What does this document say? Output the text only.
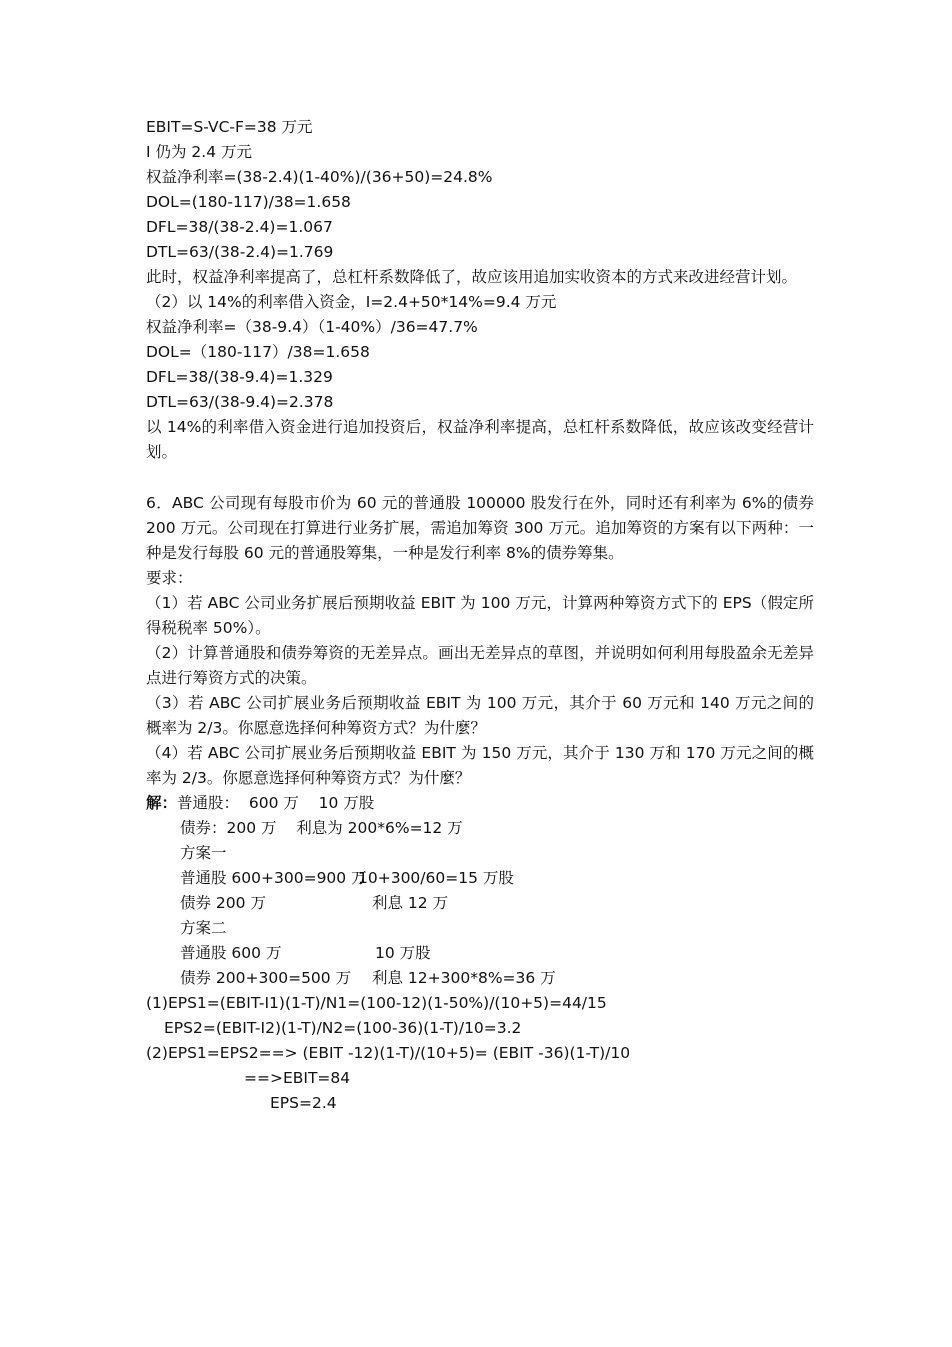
EBIT=S-VC-F=38 万元
I 仍为 2.4 万元
权益净利率=(38-2.4)(1-40%)/(36+50)=24.8%
DOL=(180-117)/38=1.658
DFL=38/(38-2.4)=1.067
DTL=63/(38-2.4)=1.769
此时，权益净利率提高了，总杠杆系数降低了，故应该用追加实收资本的方式来改进经营计划。
（2）以 14%的利率借入资金，I=2.4+50*14%=9.4 万元
权益净利率=（38-9.4）（1-40%）/36=47.7%
DOL=（180-117）/38=1.658
DFL=38/(38-9.4)=1.329
DTL=63/(38-9.4)=2.378
以 14%的利率借入资金进行追加投资后，权益净利率提高，总杠杆系数降低，故应该改变经营计划。
6．ABC 公司现有每股市价为 60 元的普通股 100000 股发行在外，同时还有利率为 6%的债券 200 万元。公司现在打算进行业务扩展，需追加筹资 300 万元。追加筹资的方案有以下两种：一种是发行每股 60 元的普通股筹集，一种是发行利率 8%的债券筹集。
要求：
（1）若 ABC 公司业务扩展后预期收益 EBIT 为 100 万元，计算两种筹资方式下的 EPS（假定所得税税率 50%）。
（2）计算普通股和债券筹资的无差异点。画出无差异点的草图，并说明如何利用每股盈余无差异点进行筹资方式的决策。
（3）若 ABC 公司扩展业务后预期收益 EBIT 为 100 万元，其介于 60 万元和 140 万元之间的概率为 2/3。你愿意选择何种筹资方式？为什麼？
（4）若 ABC 公司扩展业务后预期收益 EBIT 为 150 万元，其介于 130 万和 170 万元之间的概率为 2/3。你愿意选择何种筹资方式？为什麼？
解：普通股：  600 万    10 万股
债券：200 万    利息为 200*6%=12 万
方案一
普通股 600+300=900 万10+300/60=15 万股
债券 200 万	利息 12 万
方案二
普通股 600 万	10 万股
债券 200+300=500 万 利息 12+300*8%=36 万
(1)EPS1=(EBIT-I1)(1-T)/N1=(100-12)(1-50%)/(10+5)=44/15
EPS2=(EBIT-I2)(1-T)/N2=(100-36)(1-T)/10=3.2
(2)EPS1=EPS2==> (EBIT -12)(1-T)/(10+5)= (EBIT -36)(1-T)/10
==>EBIT=84
EPS=2.4
